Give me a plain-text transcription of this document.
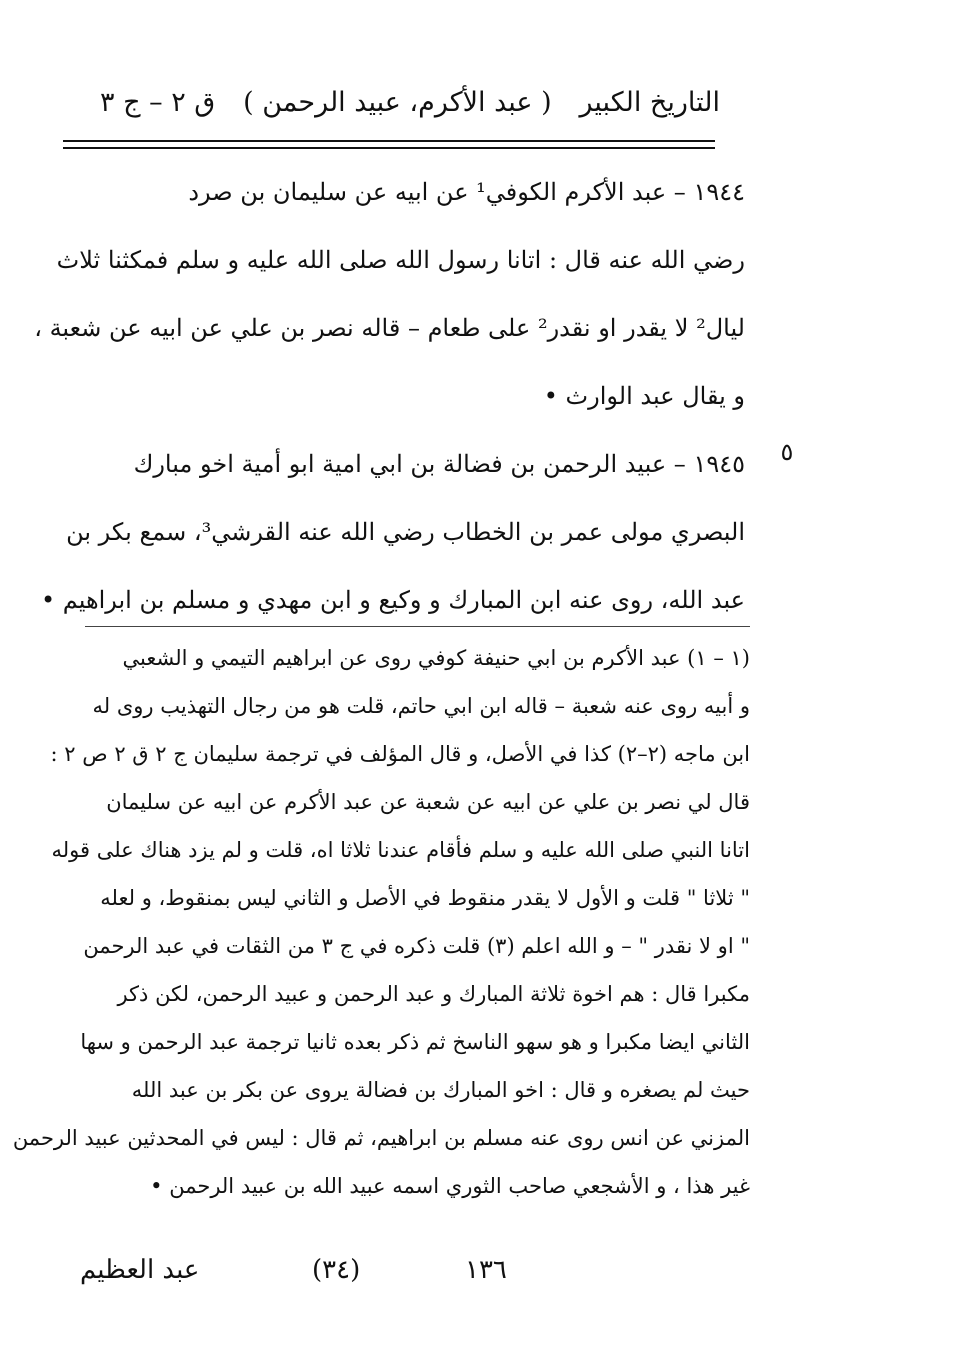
التاريخ الكبير
( عبد الأكرم، عبيد الرحمن )
ق ٢ – ج ٣
١٩٤٤ – عبد الأكرم الكوفي¹ عن ابيه عن سليمان بن صرد
رضي الله عنه قال : اتانا رسول الله صلى الله عليه و سلم فمكثنا ثلاث
ليال² لا يقدر او نقدر² على طعام – قاله نصر بن علي عن ابيه عن شعبة ،
و يقال عبد الوارث •
١٩٤٥ – عبيد الرحمن بن فضالة بن ابي امية ابو أمية اخو مبارك
البصري مولى عمر بن الخطاب رضي الله عنه القرشي³، سمع بكر بن
عبد الله، روى عنه ابن المبارك و وكيع و ابن مهدي و مسلم بن ابراهيم •
٥
(١ – ١) عبد الأكرم بن ابي حنيفة كوفي روى عن ابراهيم التيمي و الشعبي
و أبيه روى عنه شعبة – قاله ابن ابي حاتم، قلت هو من رجال التهذيب روى له
ابن ماجه (٢–٢) كذا في الأصل، و قال المؤلف في ترجمة سليمان ج ٢ ق ٢ ص ٢ :
قال لي نصر بن علي عن ابيه عن شعبة عن عبد الأكرم عن ابيه عن سليمان
اتانا النبي صلى الله عليه و سلم فأقام عندنا ثلاثا اه، قلت و لم يزد هناك على قوله
" ثلاثا " قلت و الأول لا يقدر منقوط في الأصل و الثاني ليس بمنقوط، و لعله
" او لا نقدر " – و الله اعلم (٣) قلت ذكره في ج ٣ من الثقات في عبد الرحمن
مكبرا قال : هم اخوة ثلاثة المبارك و عبد الرحمن و عبيد الرحمن، لكن ذكر
الثاني ايضا مكبرا و هو سهو الناسخ ثم ذكر بعده ثانيا ترجمة عبد الرحمن و سها
حيث لم يصغره و قال : اخو المبارك بن فضالة يروى عن بكر بن عبد الله
المزني عن انس روى عنه مسلم بن ابراهيم، ثم قال : ليس في المحدثين عبيد الرحمن
غير هذا ، و الأشجعي صاحب الثوري اسمه عبيد الله بن عبيد الرحمن •
١٣٦
(٣٤)
عبد العظيم
